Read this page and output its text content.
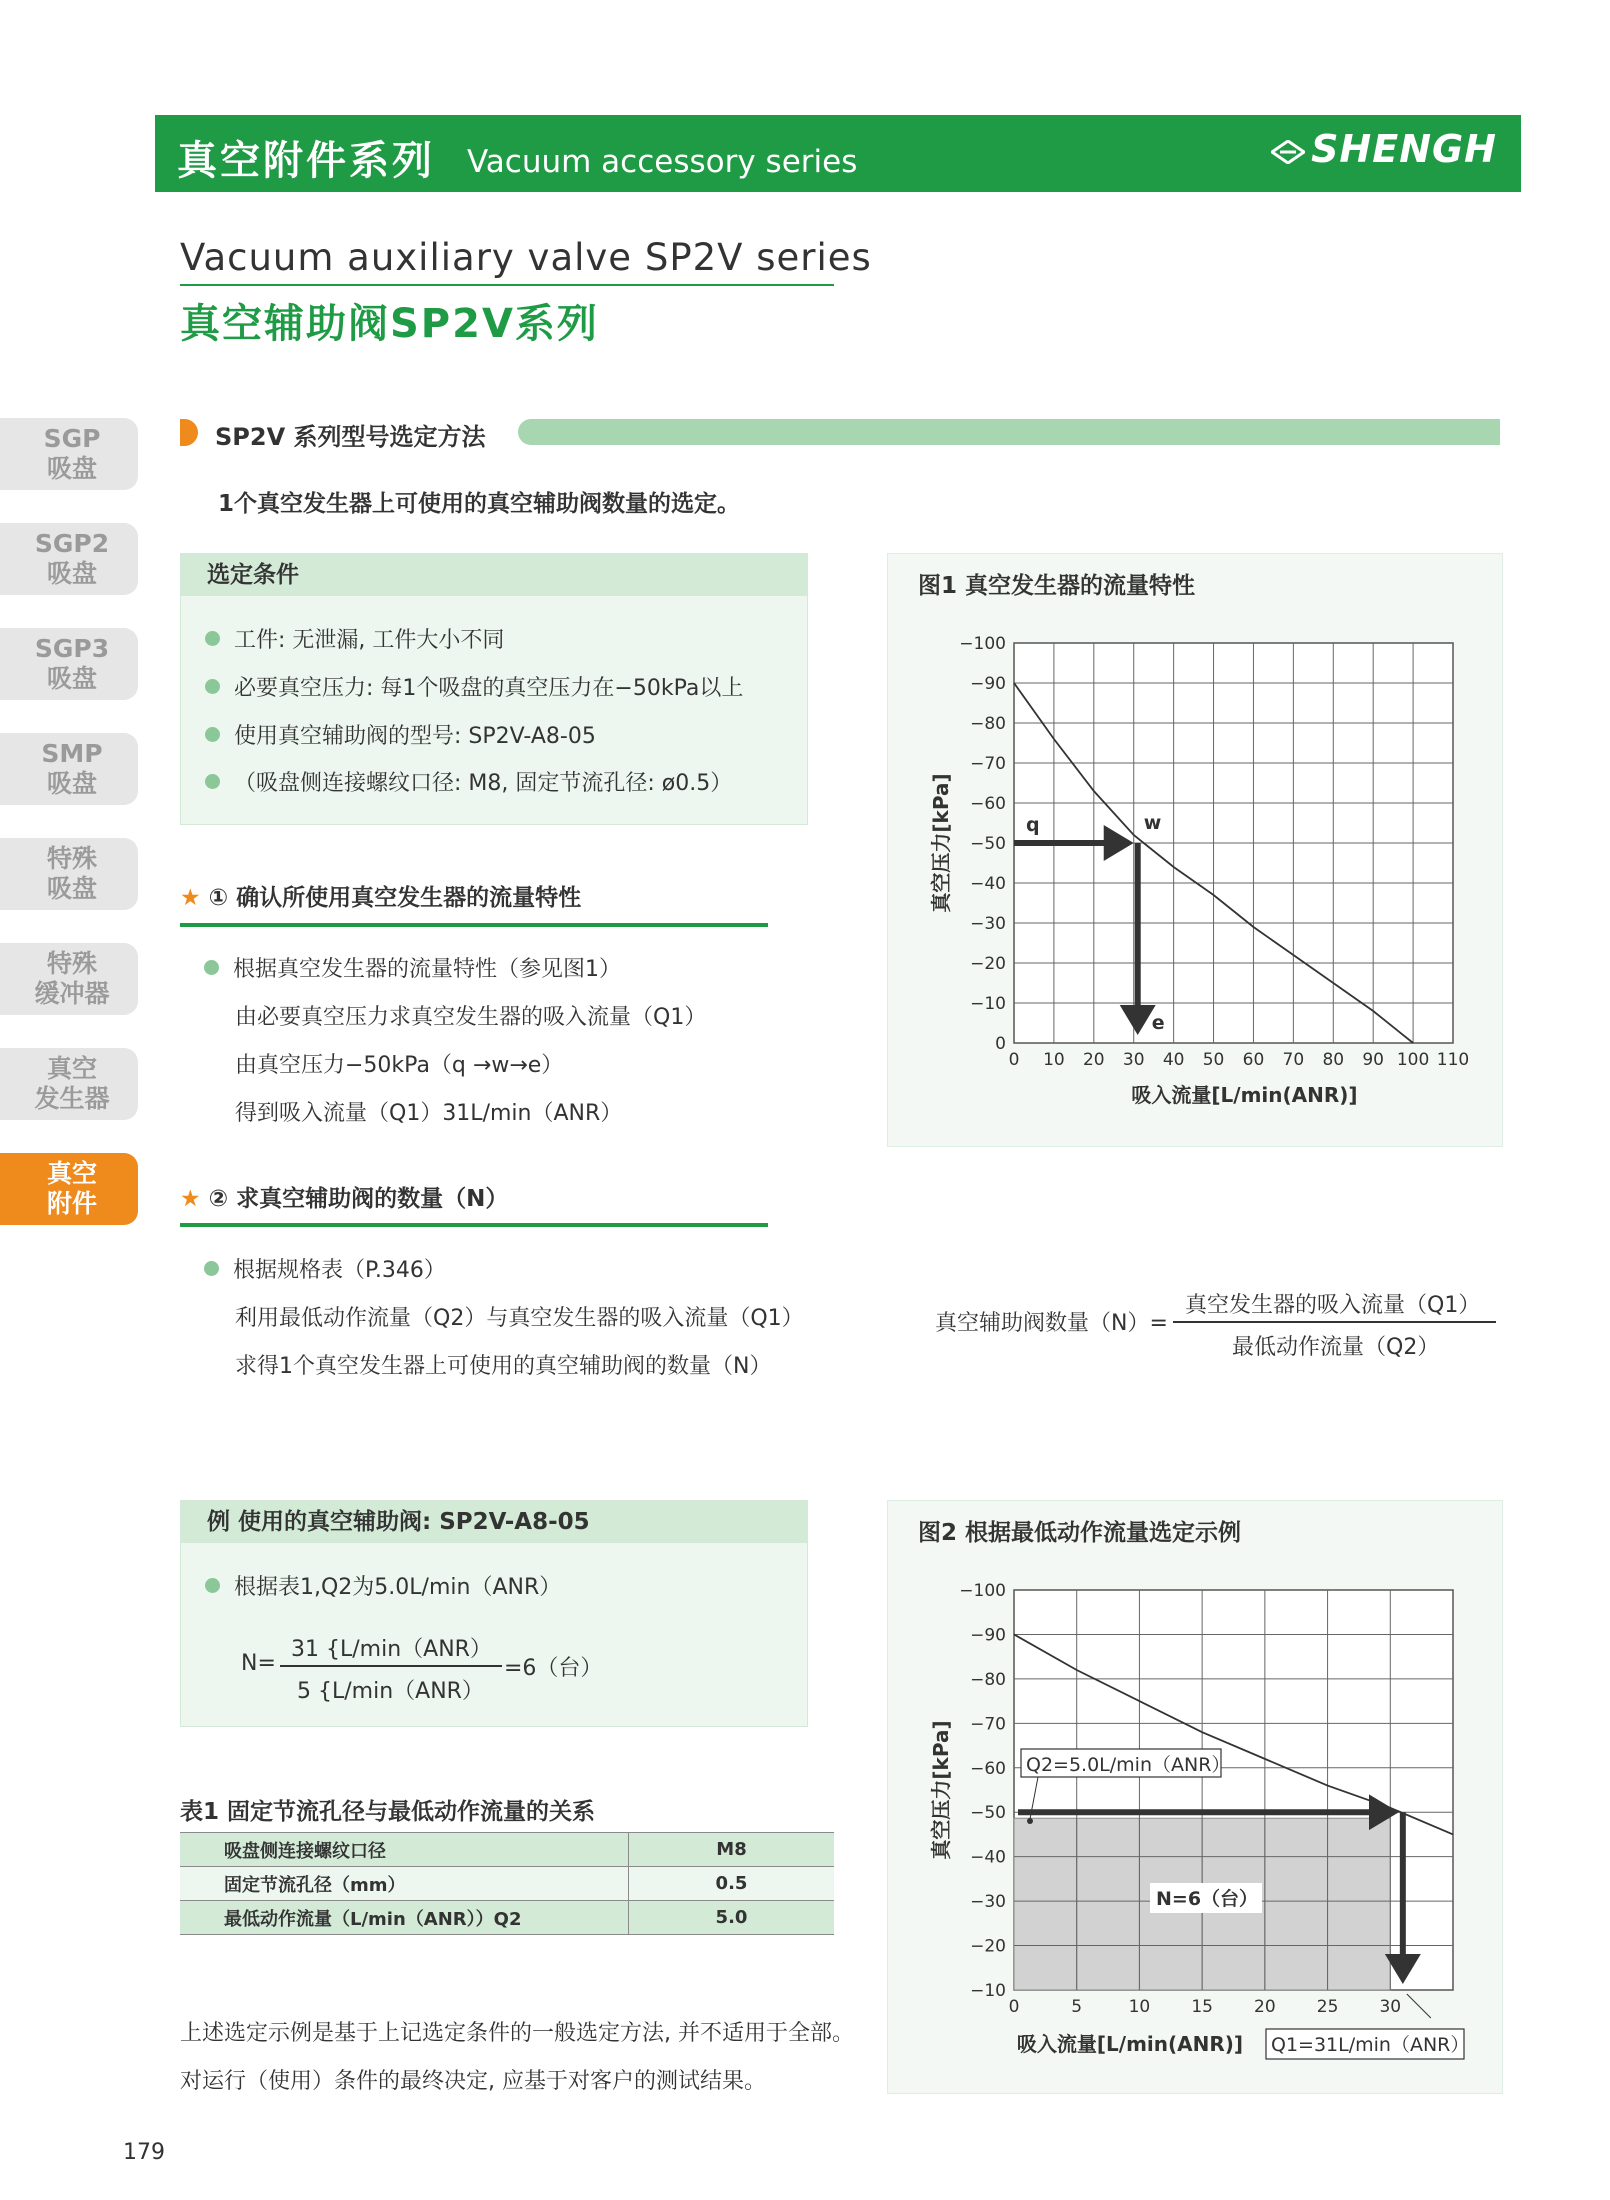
真空附件系列 Vacuum accessory series	SHENGH
Vacuum auxiliary valve SP2V series
真空辅助阀SP2V系列
SGP
吸盘
SGP2
吸盘
SGP3
吸盘
SMP
吸盘
特殊
吸盘
特殊
缓冲器
真空
发生器
真空
附件
SP2V 系列型号选定方法
1个真空发生器上可使用的真空辅助阀数量的选定。
选定条件
工件: 无泄漏, 工件大小不同
必要真空压力: 每1个吸盘的真空压力在−50kPa以上
使用真空辅助阀的型号: SP2V-A8-05
（吸盘侧连接螺纹口径: M8, 固定节流孔径: ø0.5）
★ ① 确认所使用真空发生器的流量特性
根据真空发生器的流量特性（参见图1）
由必要真空压力求真空发生器的吸入流量（Q1）
由真空压力−50kPa（q →w→e）
得到吸入流量（Q1）31L/min（ANR）
★ ② 求真空辅助阀的数量（N）
根据规格表（P.346）
利用最低动作流量（Q2）与真空发生器的吸入流量（Q1）
求得1个真空发生器上可使用的真空辅助阀的数量（N）
真空辅助阀数量（N）=
真空发生器的吸入流量（Q1）
最低动作流量（Q2）
例 使用的真空辅助阀: SP2V-A8-05
根据表1,Q2为5.0L/min（ANR）
N=
31 {L/min（ANR）
5 {L/min（ANR）
=6（台）
表1 固定节流孔径与最低动作流量的关系
吸盘侧连接螺纹口径	M8
固定节流孔径（mm）	0.5
最低动作流量（L/min（ANR））Q2	5.0
上述选定示例是基于上记选定条件的一般选定方法, 并不适用于全部。
对运行（使用）条件的最终决定, 应基于对客户的测试结果。
179
图1 真空发生器的流量特性
0 10 20 30 40 50 60 70 80 90 100 110
0
−10
−20
−30
−40
−50
−60
−70
−80
−90
−100
q	w
e
吸入流量[L/min(ANR)]
真空压力[kPa]
图2 根据最低动作流量选定示例
0	5	10 15 20 25 30
−10
−20
−30
−40
−50
−60
−70
−80
−90
−100
Q2=5.0L/min（ANR）
N=6（台）
Q1=31L/min（ANR）
吸入流量[L/min(ANR)]
真空压力[kPa]
